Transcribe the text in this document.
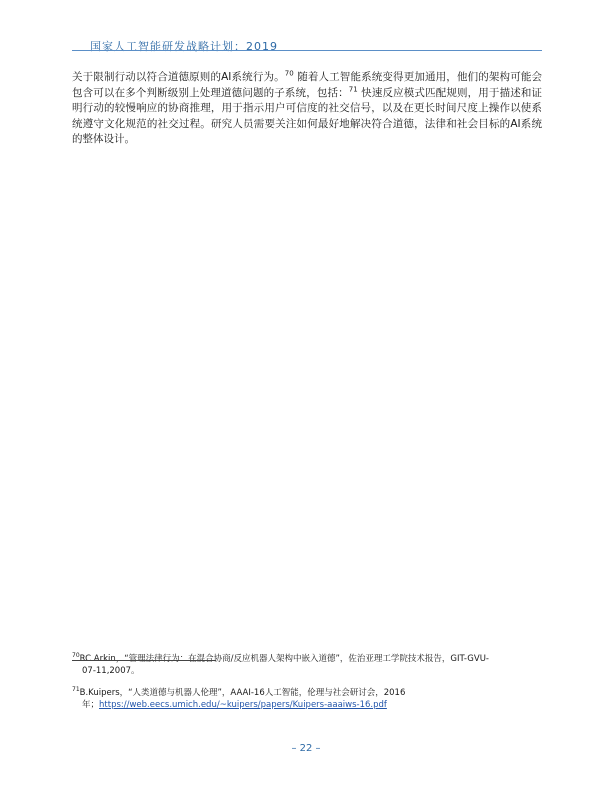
国家人工智能研发战略计划：2019
关于限制行动以符合道德原则的AI系统行为。$^{70}$ 随着人工智能系统变得更加通用，他们的架构可能会包含可以在多个判断级别上处理道德问题的子系统，包括：$^{71}$ 快速反应模式匹配规则，用于描述和证明行动的较慢响应的协商推理，用于指示用户可信度的社交信号，以及在更长时间尺度上操作以使系统遵守文化规范的社交过程。研究人员需要关注如何最好地解决符合道德，法律和社会目标的AI系统的整体设计。
$^{70}$RC Arkin，“管理法律行为：在混合协商/反应机器人架构中嵌入道德”，佐治亚理工学院技术报告，GIT-GVU-
07-11,2007。
$^{71}$B.Kuipers，“人类道德与机器人伦理”，AAAI-16人工智能，伦理与社会研讨会，2016
年；https://web.eecs.umich.edu/~kuipers/papers/Kuipers-aaaiws-16.pdf
– 22 –
